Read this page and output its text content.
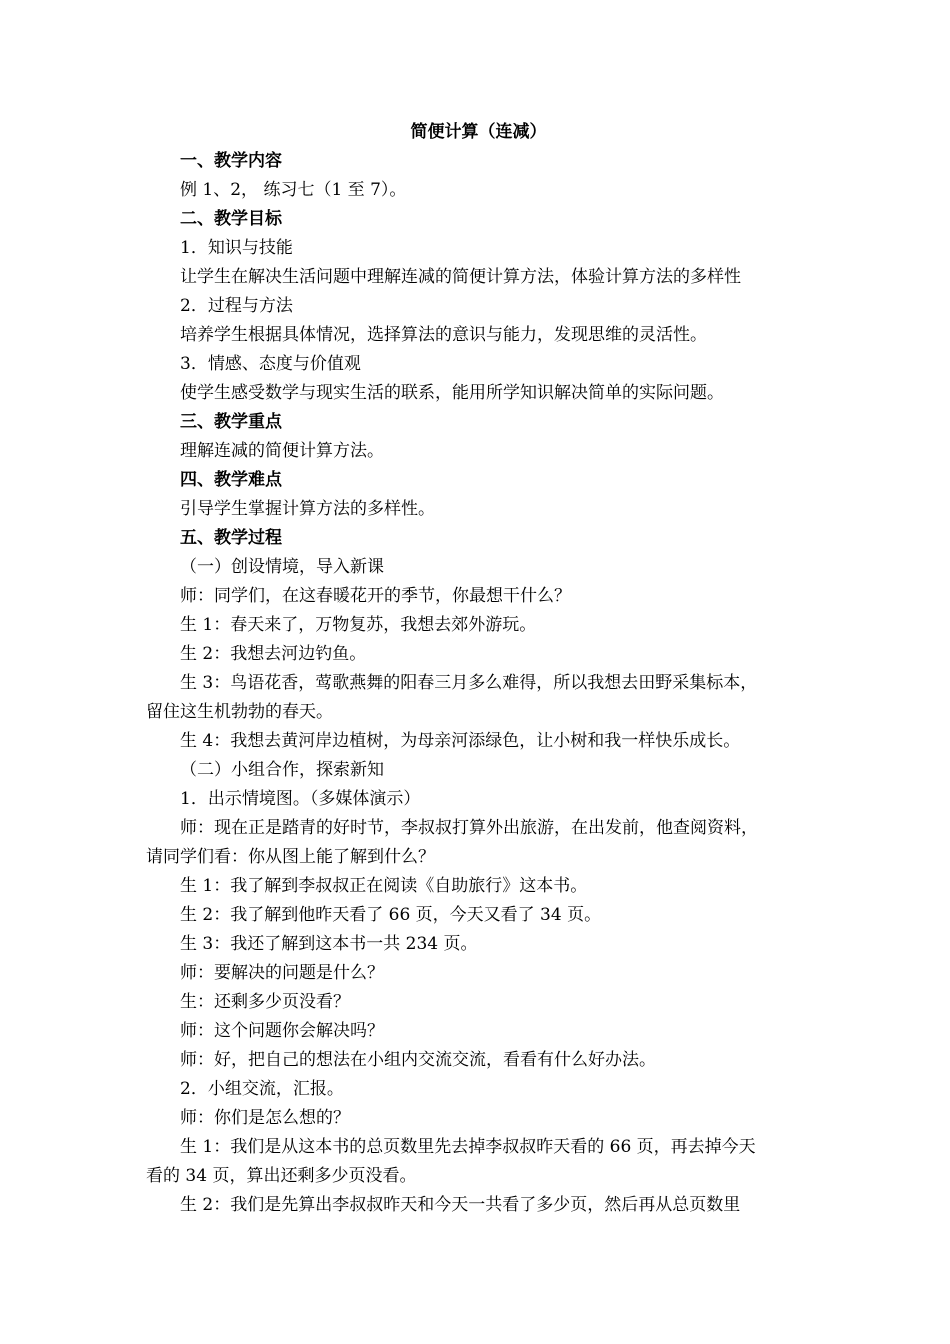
简便计算（连减）
一、教学内容
例 1、2， 练习七（1 至 7）。
二、教学目标
1．知识与技能
让学生在解决生活问题中理解连减的简便计算方法，体验计算方法的多样性
2．过程与方法
培养学生根据具体情况，选择算法的意识与能力，发现思维的灵活性。
3．情感、态度与价值观
使学生感受数学与现实生活的联系，能用所学知识解决简单的实际问题。
三、教学重点
理解连减的简便计算方法。
四、教学难点
引导学生掌握计算方法的多样性。
五、教学过程
（一）创设情境，导入新课
师：同学们，在这春暖花开的季节，你最想干什么？
生 1：春天来了，万物复苏，我想去郊外游玩。
生 2：我想去河边钓鱼。
生 3：鸟语花香，莺歌燕舞的阳春三月多么难得，所以我想去田野采集标本，
留住这生机勃勃的春天。
生 4：我想去黄河岸边植树，为母亲河添绿色，让小树和我一样快乐成长。
（二）小组合作，探索新知
1．出示情境图。（多媒体演示）
师：现在正是踏青的好时节，李叔叔打算外出旅游，在出发前，他查阅资料，
请同学们看：你从图上能了解到什么？
生 1：我了解到李叔叔正在阅读《自助旅行》这本书。
生 2：我了解到他昨天看了 66 页，今天又看了 34 页。
生 3：我还了解到这本书一共 234 页。
师：要解决的问题是什么？
生：还剩多少页没看？
师：这个问题你会解决吗？
师：好，把自己的想法在小组内交流交流，看看有什么好办法。
2．小组交流，汇报。
师：你们是怎么想的？
生 1：我们是从这本书的总页数里先去掉李叔叔昨天看的 66 页，再去掉今天
看的 34 页，算出还剩多少页没看。
生 2：我们是先算出李叔叔昨天和今天一共看了多少页，然后再从总页数里
